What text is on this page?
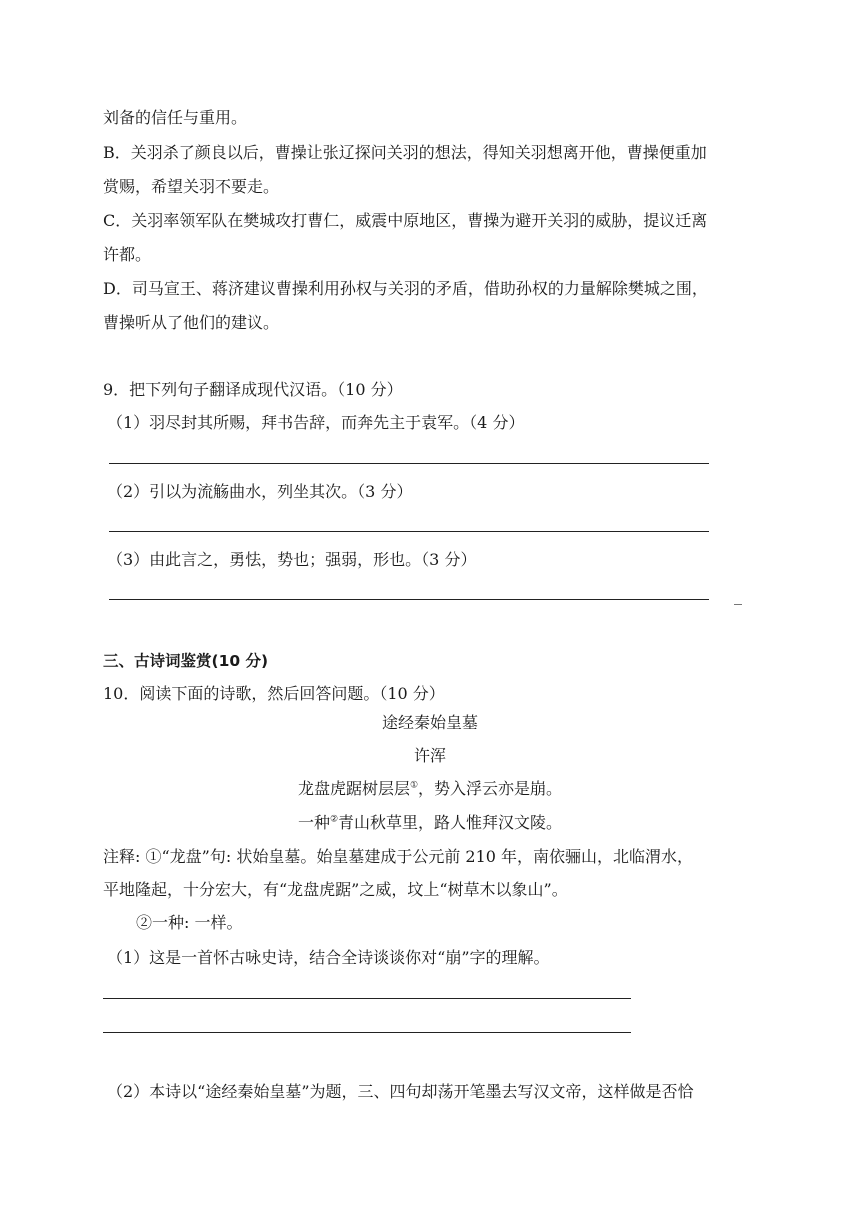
刘备的信任与重用。
B．关羽杀了颜良以后，曹操让张辽探问关羽的想法，得知关羽想离开他，曹操便重加
赏赐，希望关羽不要走。
C．关羽率领军队在樊城攻打曹仁，威震中原地区，曹操为避开关羽的威胁，提议迁离
许都。
D．司马宣王、蒋济建议曹操利用孙权与关羽的矛盾，借助孙权的力量解除樊城之围，
曹操听从了他们的建议。
9．把下列句子翻译成现代汉语。（10 分）
（1）羽尽封其所赐，拜书告辞，而奔先主于袁军。（4 分）
（2）引以为流觞曲水，列坐其次。（3 分）
（3）由此言之，勇怯，势也；强弱，形也。（3 分）
_
三、古诗词鉴赏(10 分)
10．阅读下面的诗歌，然后回答问题。（10 分）
途经秦始皇墓
许浑
龙盘虎踞树层层①，势入浮云亦是崩。
一种②青山秋草里，路人惟拜汉文陵。
注释: ①“龙盘”句: 状始皇墓。始皇墓建成于公元前 210 年，南依骊山，北临渭水，
平地隆起，十分宏大，有“龙盘虎踞”之威，坟上“树草木以象山”。
②一种: 一样。
（1）这是一首怀古咏史诗，结合全诗谈谈你对“崩”字的理解。
（2）本诗以“途经秦始皇墓”为题，三、四句却荡开笔墨去写汉文帝，这样做是否恰
